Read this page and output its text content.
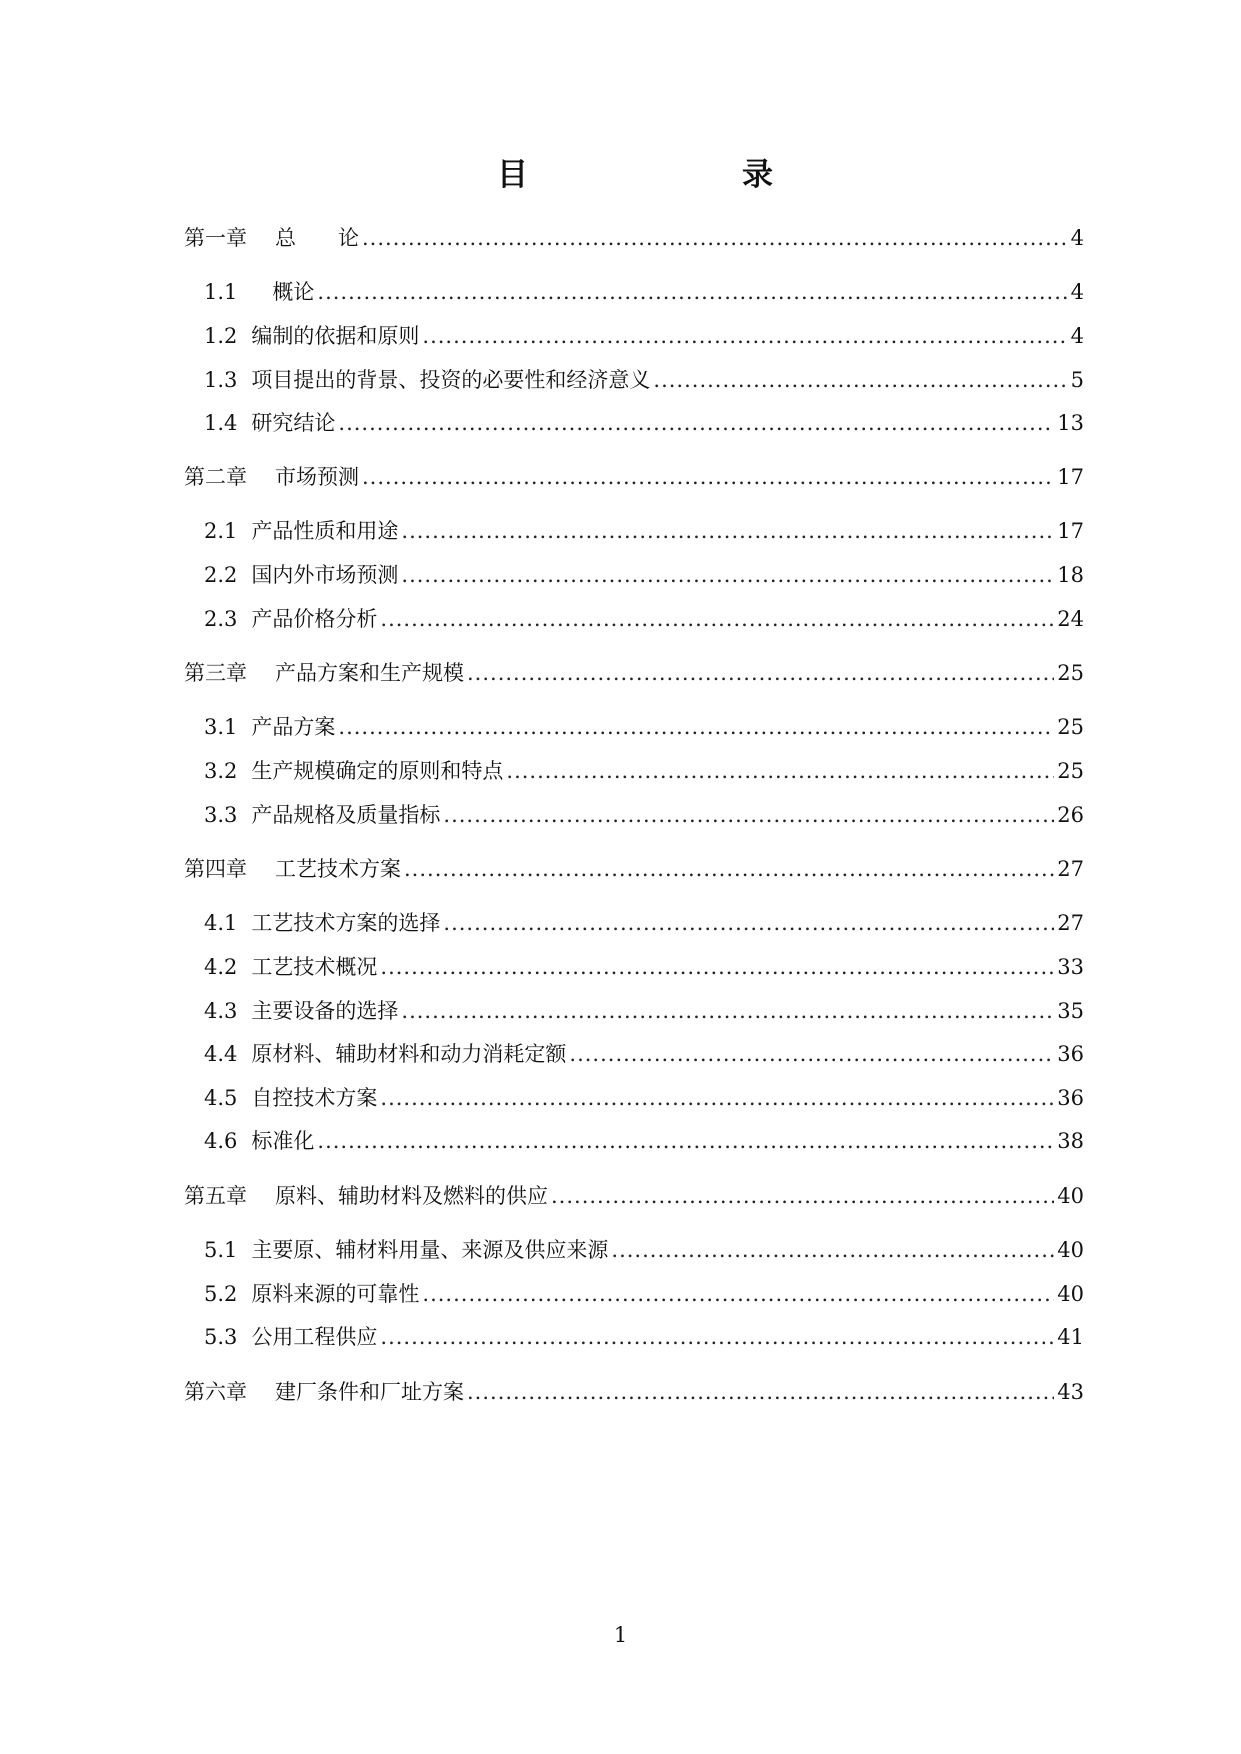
目	录
第一章 总　　论 .....	4
1.1 　概论 .....	4
1.2 编制的依据和原则 .....	4
1.3 项目提出的背景、投资的必要性和经济意义 .....	5
1.4 研究结论 .....	13
第二章 市场预测 .....	17
2.1 产品性质和用途 .....	17
2.2 国内外市场预测 .....	18
2.3 产品价格分析 .....	24
第三章 产品方案和生产规模 .....	25
3.1 产品方案 .....	25
3.2 生产规模确定的原则和特点 .....	25
3.3 产品规格及质量指标 .....	26
第四章 工艺技术方案 .....	27
4.1 工艺技术方案的选择 .....	27
4.2 工艺技术概况 .....	33
4.3 主要设备的选择 .....	35
4.4 原材料、辅助材料和动力消耗定额 .....	36
4.5 自控技术方案 .....	36
4.6 标准化 .....	38
第五章 原料、辅助材料及燃料的供应 .....	40
5.1 主要原、辅材料用量、来源及供应来源 .....	40
5.2 原料来源的可靠性 .....	40
5.3 公用工程供应 .....	41
第六章 建厂条件和厂址方案 .....	43
1
